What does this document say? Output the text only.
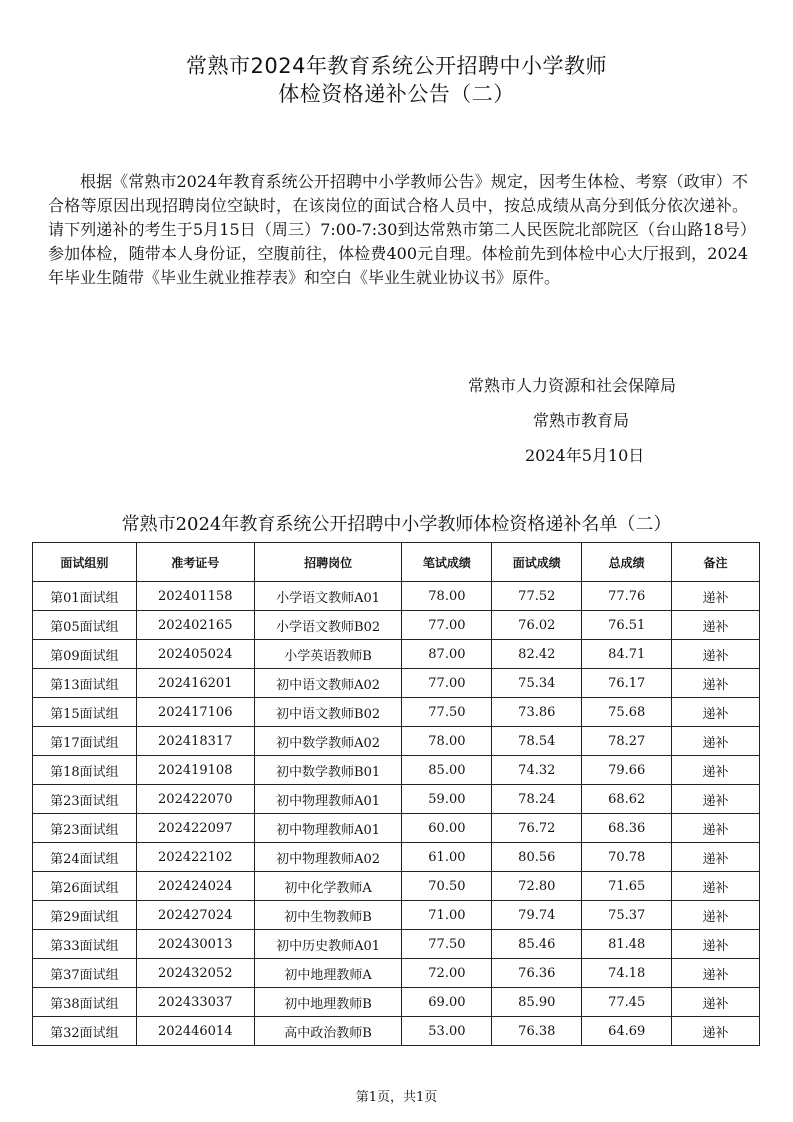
常熟市2024年教育系统公开招聘中小学教师
体检资格递补公告（二）

根据《常熟市2024年教育系统公开招聘中小学教师公告》规定，因考生体检、考察（政审）不合格等原因出现招聘岗位空缺时，在该岗位的面试合格人员中，按总成绩从高分到低分依次递补。请下列递补的考生于5月15日（周三）7:00-7:30到达常熟市第二人民医院北部院区（台山路18号）参加体检，随带本人身份证，空腹前往，体检费400元自理。体检前先到体检中心大厅报到，2024年毕业生随带《毕业生就业推荐表》和空白《毕业生就业协议书》原件。

常熟市人力资源和社会保障局
常熟市教育局
2024年5月10日
常熟市2024年教育系统公开招聘中小学教师体检资格递补名单（二）
面试组别	准考证号	招聘岗位	笔试成绩	面试成绩	总成绩	备注
第01面试组	202401158	小学语文教师A01	78.00	77.52	77.76	递补
第05面试组	202402165	小学语文教师B02	77.00	76.02	76.51	递补
第09面试组	202405024	小学英语教师B	87.00	82.42	84.71	递补
第13面试组	202416201	初中语文教师A02	77.00	75.34	76.17	递补
第15面试组	202417106	初中语文教师B02	77.50	73.86	75.68	递补
第17面试组	202418317	初中数学教师A02	78.00	78.54	78.27	递补
第18面试组	202419108	初中数学教师B01	85.00	74.32	79.66	递补
第23面试组	202422070	初中物理教师A01	59.00	78.24	68.62	递补
第23面试组	202422097	初中物理教师A01	60.00	76.72	68.36	递补
第24面试组	202422102	初中物理教师A02	61.00	80.56	70.78	递补
第26面试组	202424024	初中化学教师A	70.50	72.80	71.65	递补
第29面试组	202427024	初中生物教师B	71.00	79.74	75.37	递补
第33面试组	202430013	初中历史教师A01	77.50	85.46	81.48	递补
第37面试组	202432052	初中地理教师A	72.00	76.36	74.18	递补
第38面试组	202433037	初中地理教师B	69.00	85.90	77.45	递补
第32面试组	202446014	高中政治教师B	53.00	76.38	64.69	递补
第1页，共1页
